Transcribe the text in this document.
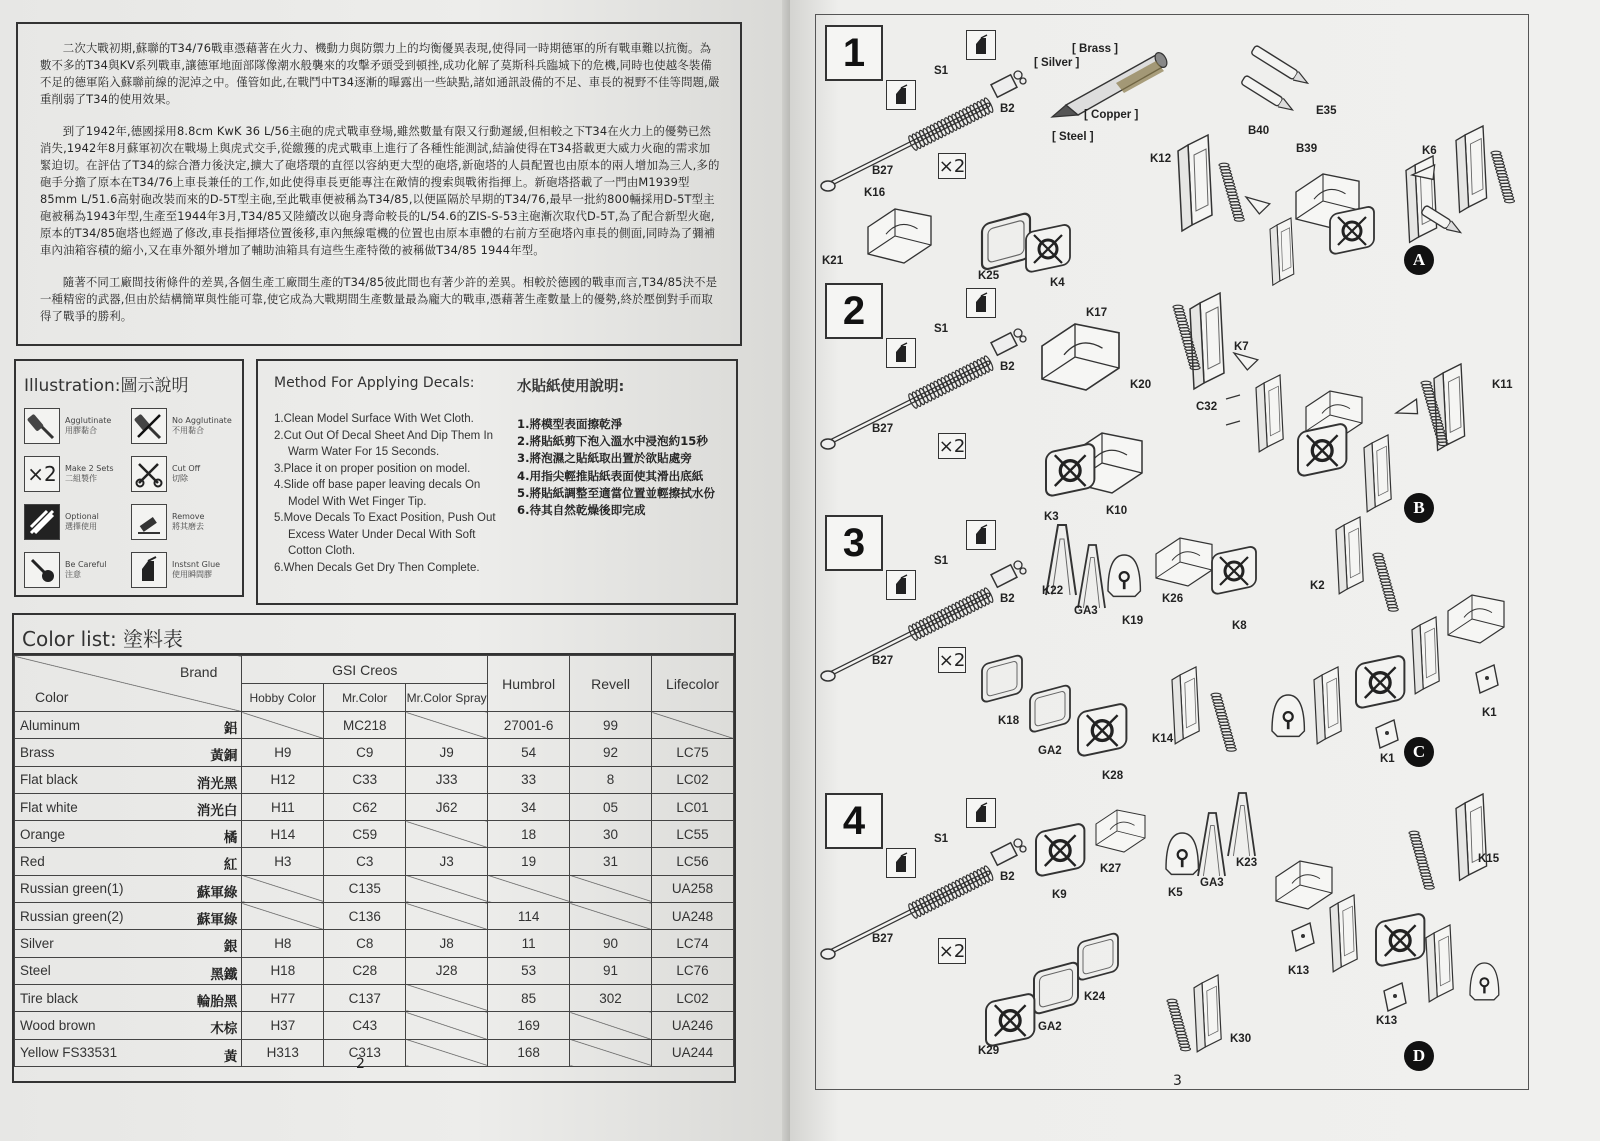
二次大戰初期,蘇聯的T34/76戰車憑藉著在火力、機動力與防禦力上的均衡優異表現,使得同一時期德軍的所有戰車難以抗衡。為數不多的T34與KV系列戰車,讓德軍地面部隊像潮水般襲來的攻擊矛頭受到頓挫,成功化解了莫斯科兵臨城下的危機,同時也使越冬裝備不足的德軍陷入蘇聯前線的泥淖之中。僅管如此,在戰鬥中T34逐漸的曝露出一些缺點,諸如通訊設備的不足、車長的視野不佳等問題,嚴重削弱了T34的使用效果。

到了1942年,德國採用8.8cm KwK 36 L/56主砲的虎式戰車登場,雖然數量有限又行動遲緩,但相較之下T34在火力上的優勢已然消失,1942年8月蘇軍初次在戰場上與虎式交手,從繳獲的虎式戰車上進行了各種性能測試,結論使得在T34搭載更大威力火砲的需求加緊迫切。在評估了T34的綜合潛力後決定,擴大了砲塔環的直徑以容納更大型的砲塔,新砲塔的人員配置也由原本的兩人增加為三人,多的砲手分擔了原本在T34/76上車長兼任的工作,如此使得車長更能專注在敵情的搜索與戰術指揮上。新砲塔搭載了一門由M1939型85mm L/51.6高射砲改裝而來的D-5T型主砲,至此戰車便被稱為T34/85,以便區隔於早期的T34/76,最早一批約800輛採用D-5T型主砲被稱為1943年型,生產至1944年3月,T34/85又陸續改以砲身壽命較長的L/54.6的ZIS-S-53主砲漸次取代D-5T,為了配合新型火砲,原本的T34/85砲塔也經過了修改,車長指揮塔位置後移,車內無線電機的位置也由原本車體的右前方至砲塔內車長的側面,同時為了彌補車內油箱容積的縮小,又在車外額外增加了輔助油箱具有這些生產特徵的被稱做T34/85 1944年型。

隨著不同工廠間技術條件的差異,各個生產工廠間生產的T34/85彼此間也有著少許的差異。相較於德國的戰車而言,T34/85決不是一種精密的武器,但由於結構簡單與性能可靠,使它成為大戰期間生產數量最為龐大的戰車,憑藉著生產數量上的優勢,終於壓倒對手而取得了戰爭的勝利。

Illustration:圖示說明
Agglutinate
用膠黏合
No Agglutinate
不用黏合
×2 Make 2 Sets
二組製作
Cut Off
切除
Optional
選擇使用
Remove
將其磨去
Be Careful
注意
Instsnt Glue
使用瞬間膠
Method For Applying Decals:
1.Clean Model Surface With Wet Cloth.
2.Cut Out Of Decal Sheet And Dip Them In Warm Water For 15 Seconds.
3.Place it on proper position on model.
4.Slide off base paper leaving decals On Model With Wet Finger Tip.
5.Move Decals To Exact Position, Push Out Excess Water Under Decal With Soft Cotton Cloth.
6.When Decals Get Dry Then Complete.
水貼紙使用說明:
1.將模型表面擦乾淨
2.將貼紙剪下泡入溫水中浸泡約15秒
3.將泡濕之貼紙取出置於欲貼處旁
4.用指尖輕推貼紙表面使其滑出底紙
5.將貼紙調整至適當位置並輕擦拭水份
6.待其自然乾燥後即完成
Color list: 塗料表
Brand
Color	GSI Creos			Humbrol	Revell	Lifecolor
	Hobby Color	Mr.Color	Mr.Color Spray			
Aluminum 鋁		MC218		27001-6	99	
Brass 黃銅	H9	C9	J9	54	92	LC75
Flat black 消光黑	H12	C33	J33	33	8	LC02
Flat white 消光白	H11	C62	J62	34	05	LC01
Orange 橘	H14	C59		18	30	LC55
Red 紅	H3	C3	J3	19	31	LC56
Russian green(1) 蘇軍綠		C135				UA258
Russian green(2) 蘇軍綠		C136		114		UA248
Silver 銀	H8	C8	J8	11	90	LC74
Steel 黑鐵	H18	C28	J28	53	91	LC76
Tire black 輪胎黑	H77	C137		85	302	LC02
Wood brown 木棕	H37	C43		169		UA246
Yellow FS33531 黃	H313	C313		168		UA244
2
1
×2
S1
B2
B27
A
2
×2
S1
B2
B27
B
3
×2
S1
B2
B27
C
4
×2
S1
B2
B27
D
[ Brass ]
[ Silver ]
[ Copper ]
[ Steel ]
K16
K21
K25
K4
B40
B39
E35
K12
K6
K17
K20
K3	K10
K7
C32
K11
K22
GA3
K19
K26
K8
K2
K18
GA2
K28
K14
K1
K1
K9
K27
K5
GA3
K23	K15
GA2
K24
K29
K30
K13
K13
3
